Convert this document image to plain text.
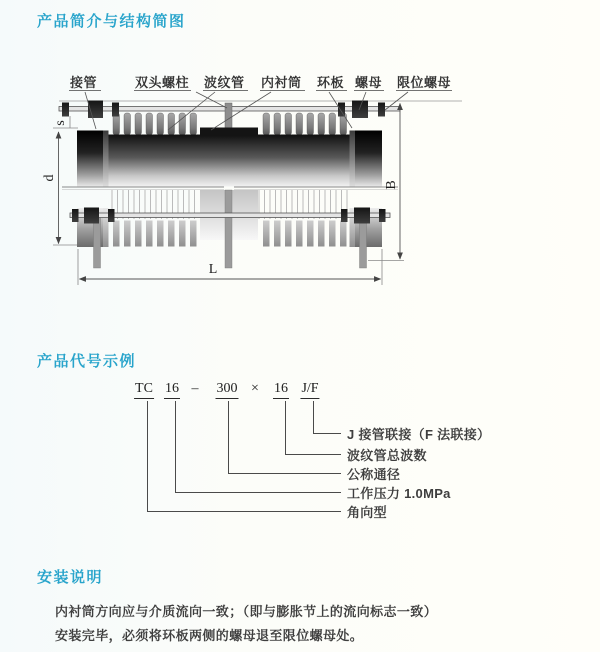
产品简介与结构简图
s
d
B
L
接管	双头螺柱 波纹管 内衬筒 环板 螺母 限位螺母
产品代号示例
TC 16 – 300 × 16 J/F
J 接管联接（F 法联接）
波纹管总波数
公称通径
工作压力 1.0MPa
角向型
安装说明
内衬筒方向应与介质流向一致；（即与膨胀节上的流向标志一致）
安装完毕，必须将环板两侧的螺母退至限位螺母处。
